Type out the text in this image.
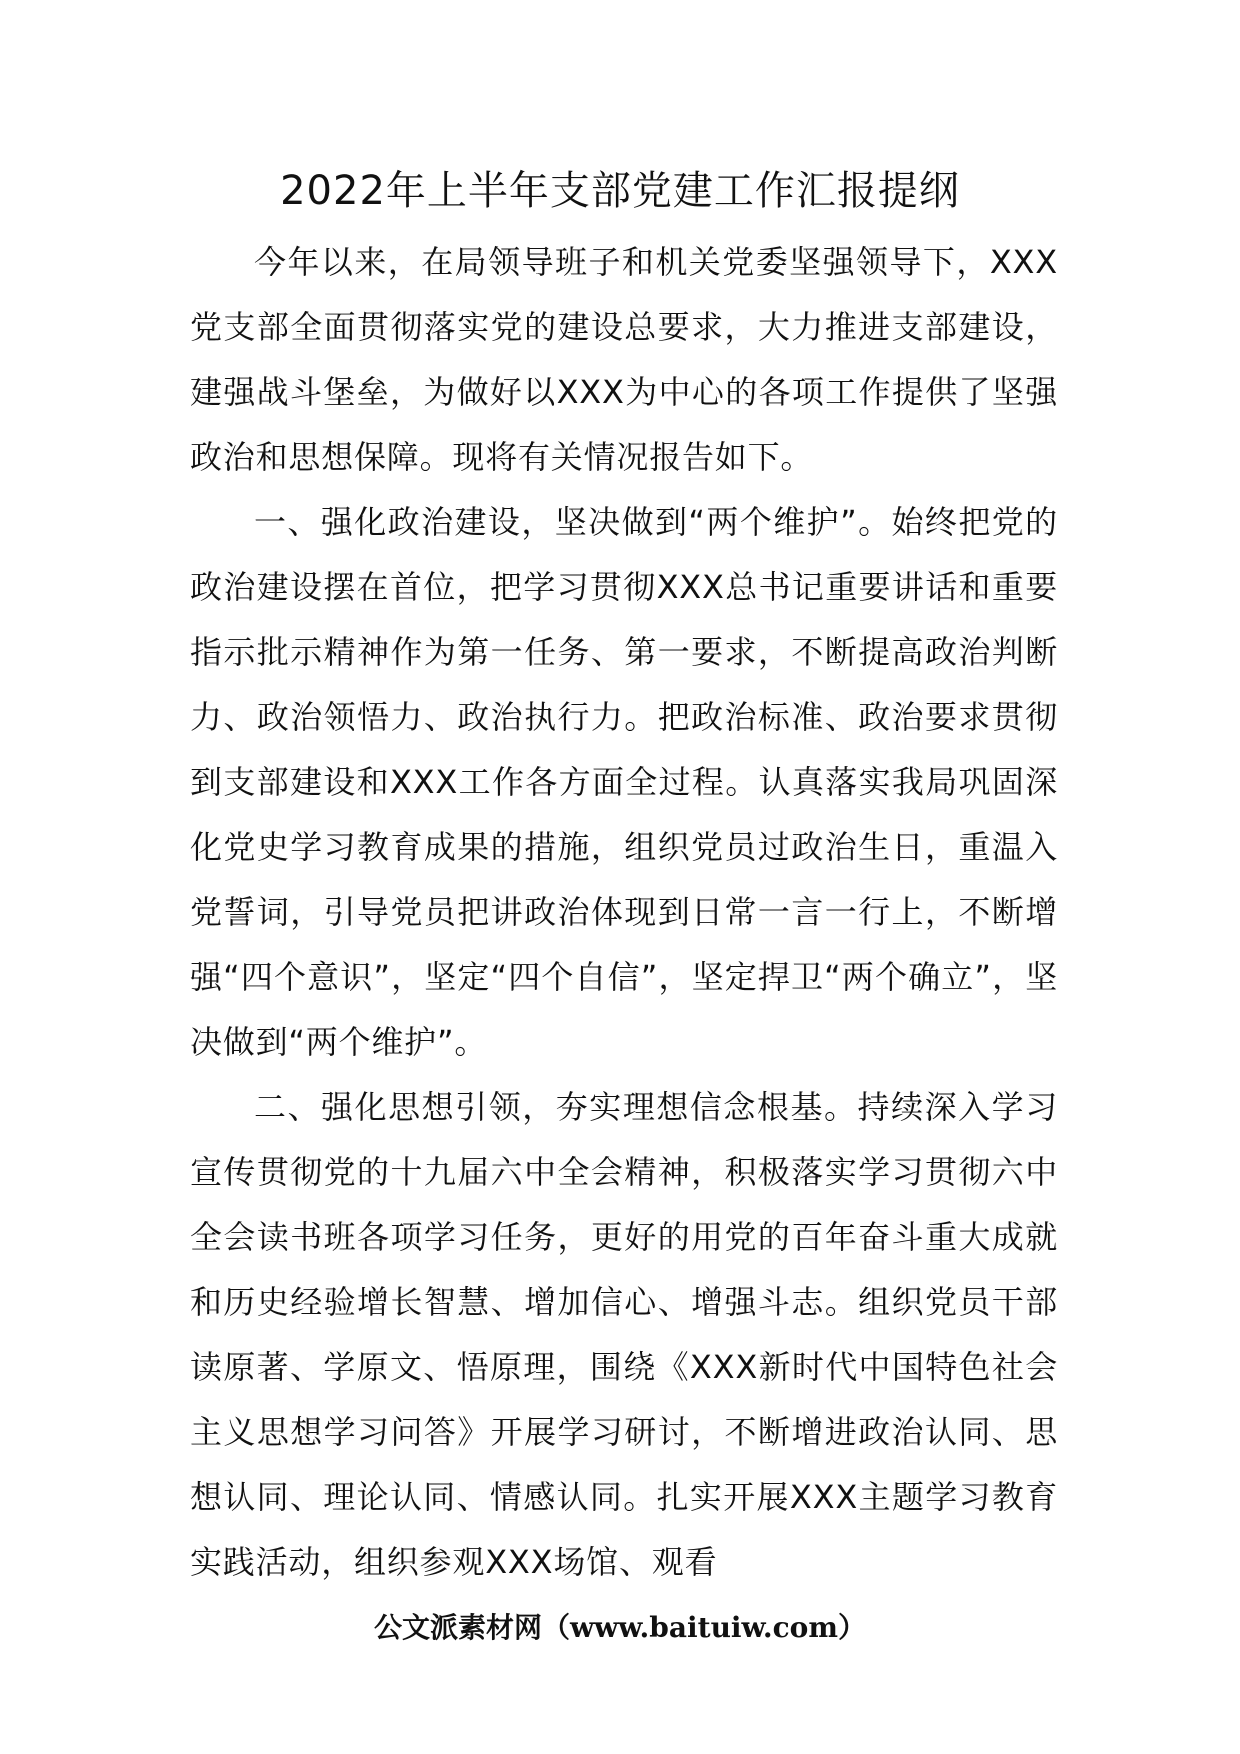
2022年上半年支部党建工作汇报提纲

今年以来，在局领导班子和机关党委坚强领导下，XXX党支部全面贯彻落实党的建设总要求，大力推进支部建设，建强战斗堡垒，为做好以XXX为中心的各项工作提供了坚强政治和思想保障。现将有关情况报告如下。

一、强化政治建设，坚决做到“两个维护”。始终把党的政治建设摆在首位，把学习贯彻XXX总书记重要讲话和重要指示批示精神作为第一任务、第一要求，不断提高政治判断力、政治领悟力、政治执行力。把政治标准、政治要求贯彻到支部建设和XXX工作各方面全过程。认真落实我局巩固深化党史学习教育成果的措施，组织党员过政治生日，重温入党誓词，引导党员把讲政治体现到日常一言一行上，不断增强“四个意识”，坚定“四个自信”，坚定捍卫“两个确立”，坚决做到“两个维护”。

二、强化思想引领，夯实理想信念根基。持续深入学习宣传贯彻党的十九届六中全会精神，积极落实学习贯彻六中全会读书班各项学习任务，更好的用党的百年奋斗重大成就和历史经验增长智慧、增加信心、增强斗志。组织党员干部读原著、学原文、悟原理，围绕《XXX新时代中国特色社会主义思想学习问答》开展学习研讨，不断增进政治认同、思想认同、理论认同、情感认同。扎实开展XXX主题学习教育实践活动，组织参观XXX场馆、观看

公文派素材网（www.baituiw.com）
